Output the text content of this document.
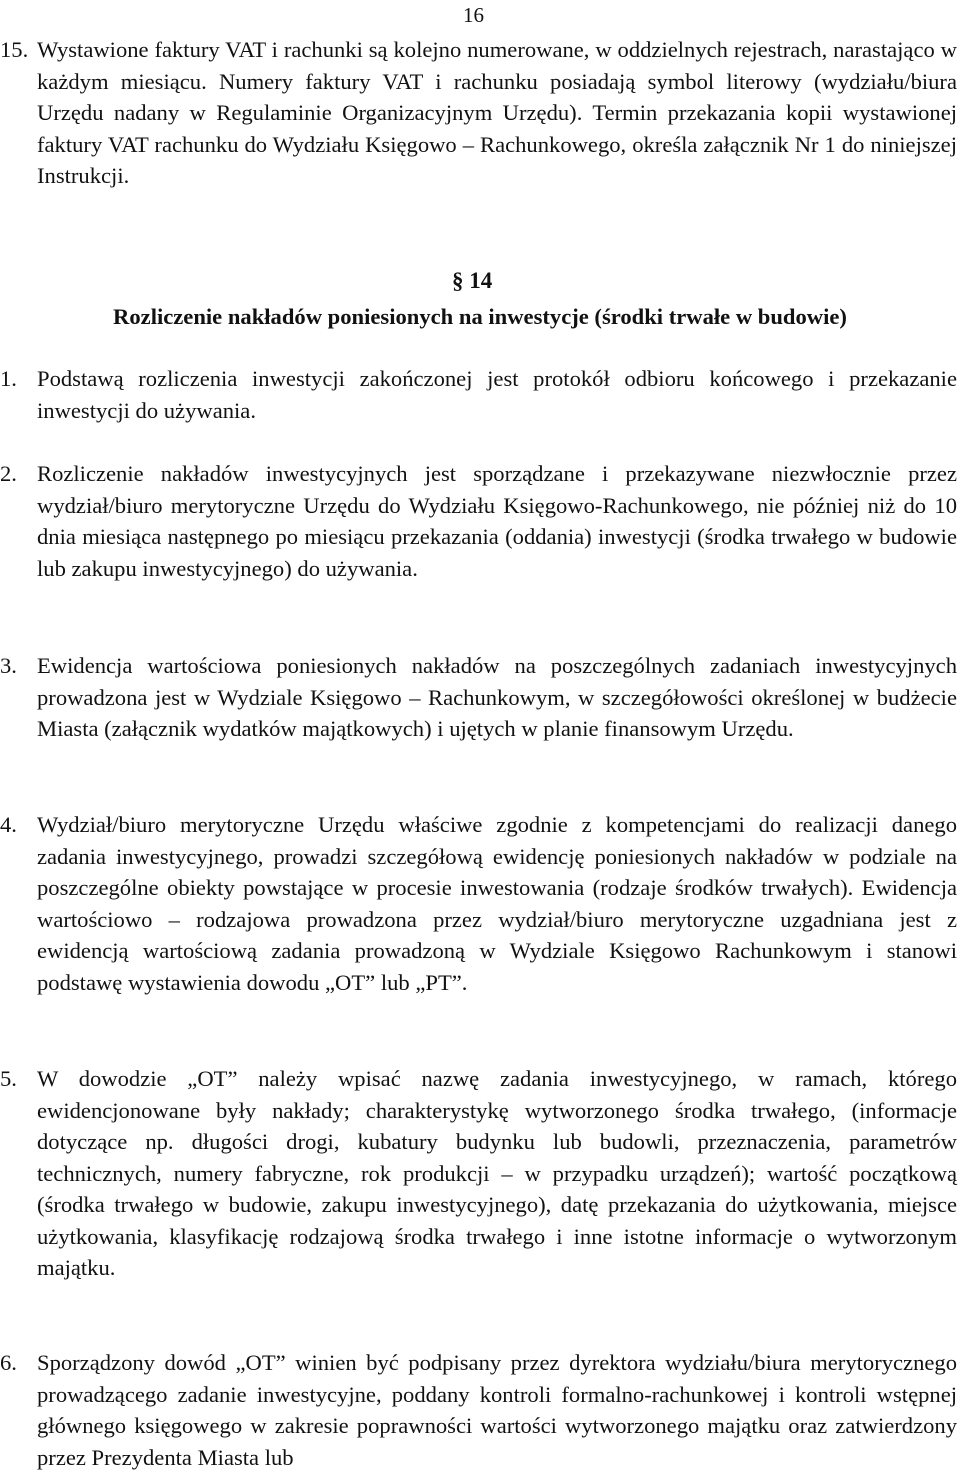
16
15. Wystawione faktury VAT i rachunki są kolejno numerowane, w oddzielnych rejestrach, narastająco w każdym miesiącu. Numery faktury VAT i rachunku posiadają symbol literowy (wydziału/biura Urzędu nadany w Regulaminie Organizacyjnym Urzędu). Termin przekazania kopii wystawionej faktury VAT rachunku do Wydziału Księgowo – Rachunkowego, określa załącznik Nr 1 do niniejszej Instrukcji.
§ 14
Rozliczenie nakładów poniesionych na inwestycje (środki trwałe w budowie)
1. Podstawą rozliczenia inwestycji zakończonej jest protokół odbioru końcowego i przekazanie inwestycji do używania.
2. Rozliczenie nakładów inwestycyjnych jest sporządzane i przekazywane niezwłocznie przez wydział/biuro merytoryczne Urzędu do Wydziału Księgowo-Rachunkowego, nie później niż do 10 dnia miesiąca następnego po miesiącu przekazania (oddania) inwestycji (środka trwałego w budowie lub zakupu inwestycyjnego) do używania.
3. Ewidencja wartościowa poniesionych nakładów na poszczególnych zadaniach inwestycyjnych prowadzona jest w Wydziale Księgowo – Rachunkowym, w szczegółowości określonej w budżecie Miasta (załącznik wydatków majątkowych) i ujętych w planie finansowym Urzędu.
4. Wydział/biuro merytoryczne Urzędu właściwe zgodnie z kompetencjami do realizacji danego zadania inwestycyjnego, prowadzi szczegółową ewidencję poniesionych nakładów w podziale na poszczególne obiekty powstające w procesie inwestowania (rodzaje środków trwałych). Ewidencja wartościowo – rodzajowa prowadzona przez wydział/biuro merytoryczne uzgadniana jest z ewidencją wartościową zadania prowadzoną w Wydziale Księgowo Rachunkowym i stanowi podstawę wystawienia dowodu „OT” lub „PT”.
5. W dowodzie „OT” należy wpisać nazwę zadania inwestycyjnego, w ramach, którego ewidencjonowane były nakłady; charakterystykę wytworzonego środka trwałego, (informacje dotyczące np. długości drogi, kubatury budynku lub budowli, przeznaczenia, parametrów technicznych, numery fabryczne, rok produkcji – w przypadku urządzeń); wartość początkową (środka trwałego w budowie, zakupu inwestycyjnego), datę przekazania do użytkowania, miejsce użytkowania, klasyfikację rodzajową środka trwałego i inne istotne informacje o wytworzonym majątku.
6. Sporządzony dowód „OT” winien być podpisany przez dyrektora wydziału/biura merytorycznego prowadzącego zadanie inwestycyjne, poddany kontroli formalno-rachunkowej i kontroli wstępnej głównego księgowego w zakresie poprawności wartości wytworzonego majątku oraz zatwierdzony przez Prezydenta Miasta lub
